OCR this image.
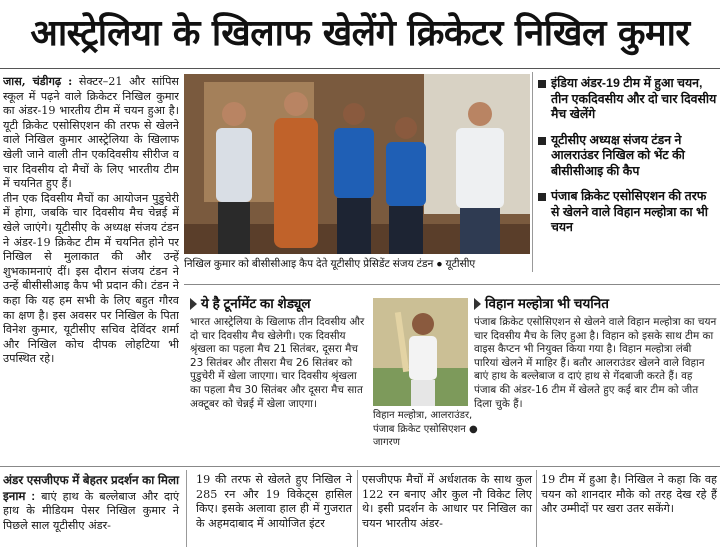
आस्ट्रेलिया के खिलाफ खेलेंगे क्रिकेटर निखिल कुमार

जास, चंडीगढ़ : सेक्टर–21 और सांपिस स्कूल में पढ़ने वाले क्रिकेटर निखिल कुमार का अंडर-19 भारतीय टीम में चयन हुआ है। यूटी क्रिकेट एसोसिएशन की तरफ से खेलने वाले निखिल कुमार आस्ट्रेलिया के खिलाफ खेली जाने वाली तीन एकदिवसीय सीरीज व चार दिवसीय दो मैचों के लिए भारतीय टीम में चयनित हुए हैं।

तीन एक दिवसीय मैचों का आयोजन पुडुचेरी में होगा, जबकि चार दिवसीय मैच चेन्नई में खेले जाएंगे। यूटीसीए के अध्यक्ष संजय टंडन ने अंडर-19 क्रिकेट टीम में चयनित होने पर निखिल से मुलाकात की और उन्हें शुभकामनाएं दीं। इस दौरान संजय टंडन ने उन्हें बीसीसीआइ कैप भी प्रदान की। टंडन ने कहा कि यह हम सभी के लिए बहुत गौरव का क्षण है। इस अवसर पर निखिल के पिता विनेश कुमार, यूटीसीए सचिव देविंदर शर्मा और निखिल कोच दीपक लोहटिया भी उपस्थित रहे।

निखिल कुमार को बीसीसीआइ कैप देते यूटीसीए प्रेसिडेंट संजय टंडन ● यूटीसीए
इंडिया अंडर-19 टीम में हुआ चयन, तीन एकदिवसीय और दो चार दिवसीय मैच खेलेंगे
यूटीसीए अध्यक्ष संजय टंडन ने आलराउंडर निखिल को भेंट की बीसीसीआइ की कैप
पंजाब क्रिकेट एसोसिएशन की तरफ से खेलने वाले विहान मल्होत्रा का भी चयन
ये है टूर्नामेंट का शेड्यूल
भारत आस्ट्रेलिया के खिलाफ तीन दिवसीय और दो चार दिवसीय मैच खेलेगी। एक दिवसीय श्रृंखला का पहला मैच 21 सितंबर, दूसरा मैच 23 सितंबर और तीसरा मैच 26 सितंबर को पुडुचेरी में खेला जाएगा। चार दिवसीय श्रृंखला का पहला मैच 30 सितंबर और दूसरा मैच सात अक्टूबर को चेन्नई में खेला जाएगा।
विहान मल्होत्रा, आलराउंडर, पंजाब क्रिकेट एसोसिएशन ● जागरण
विहान मल्होत्रा भी चयनित
पंजाब क्रिकेट एसोसिएशन से खेलने वाले विहान मल्होत्रा का चयन चार दिवसीय मैच के लिए हुआ है। विहान को इसके साथ टीम का वाइस कैप्टन भी नियुक्त किया गया है। विहान मल्होत्रा लंबी पारियां खेलने में माहिर हैं। बतौर आलराउंडर खेलने वाले विहान बाएं हाथ के बल्लेबाज व दाएं हाथ से गेंदबाजी करते हैं। वह पंजाब की अंडर-16 टीम में खेलते हुए कई बार टीम को जीत दिला चुके हैं।
अंडर एसजीएफ में बेहतर प्रदर्शन का मिला इनाम : बाएं हाथ के बल्लेबाज और दाएं हाथ के मीडियम पेसर निखिल कुमार ने पिछले साल यूटीसीए अंडर-
19 की तरफ से खेलते हुए निखिल ने 285 रन और 19 विकेट्स हासिल किए। इसके अलावा हाल ही में गुजरात के अहमदाबाद में आयोजित इंटर
एसजीएफ मैचों में अर्धशतक के साथ कुल 122 रन बनाए और कुल नौ विकेट लिए थे। इसी प्रदर्शन के आधार पर निखिल का चयन भारतीय अंडर-
19 टीम में हुआ है। निखिल ने कहा कि वह चयन को शानदार मौके को तरह देख रहे हैं और उम्मीदों पर खरा उतर सकेंगे।
